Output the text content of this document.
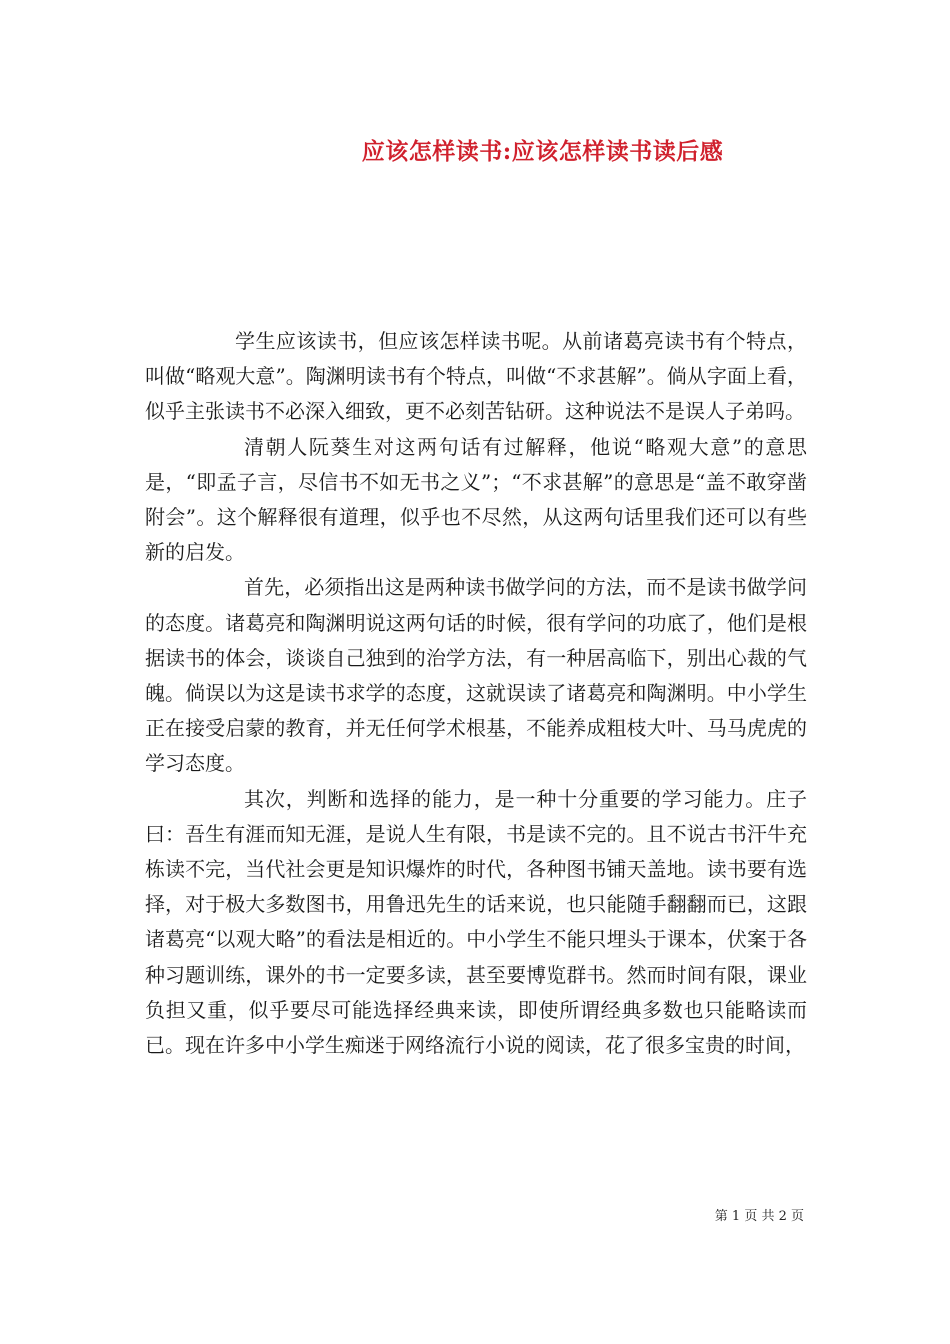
应该怎样读书:应该怎样读书读后感

学生应该读书，但应该怎样读书呢。从前诸葛亮读书有个特点，叫做“略观大意”。陶渊明读书有个特点，叫做“不求甚解”。倘从字面上看，似乎主张读书不必深入细致，更不必刻苦钻研。这种说法不是误人子弟吗。

清朝人阮葵生对这两句话有过解释，他说“略观大意”的意思是，“即孟子言，尽信书不如无书之义”；“不求甚解”的意思是“盖不敢穿凿附会”。这个解释很有道理，似乎也不尽然，从这两句话里我们还可以有些新的启发。

首先，必须指出这是两种读书做学问的方法，而不是读书做学问的态度。诸葛亮和陶渊明说这两句话的时候，很有学问的功底了，他们是根据读书的体会，谈谈自己独到的治学方法，有一种居高临下，别出心裁的气魄。倘误以为这是读书求学的态度，这就误读了诸葛亮和陶渊明。中小学生正在接受启蒙的教育，并无任何学术根基，不能养成粗枝大叶、马马虎虎的学习态度。

其次，判断和选择的能力，是一种十分重要的学习能力。庄子曰：吾生有涯而知无涯，是说人生有限，书是读不完的。且不说古书汗牛充栋读不完，当代社会更是知识爆炸的时代，各种图书铺天盖地。读书要有选择，对于极大多数图书，用鲁迅先生的话来说，也只能随手翻翻而已，这跟诸葛亮“以观大略”的看法是相近的。中小学生不能只埋头于课本，伏案于各种习题训练，课外的书一定要多读，甚至要博览群书。然而时间有限，课业负担又重，似乎要尽可能选择经典来读，即使所谓经典多数也只能略读而已。现在许多中小学生痴迷于网络流行小说的阅读，花了很多宝贵的时间，

第 1 页 共 2 页
